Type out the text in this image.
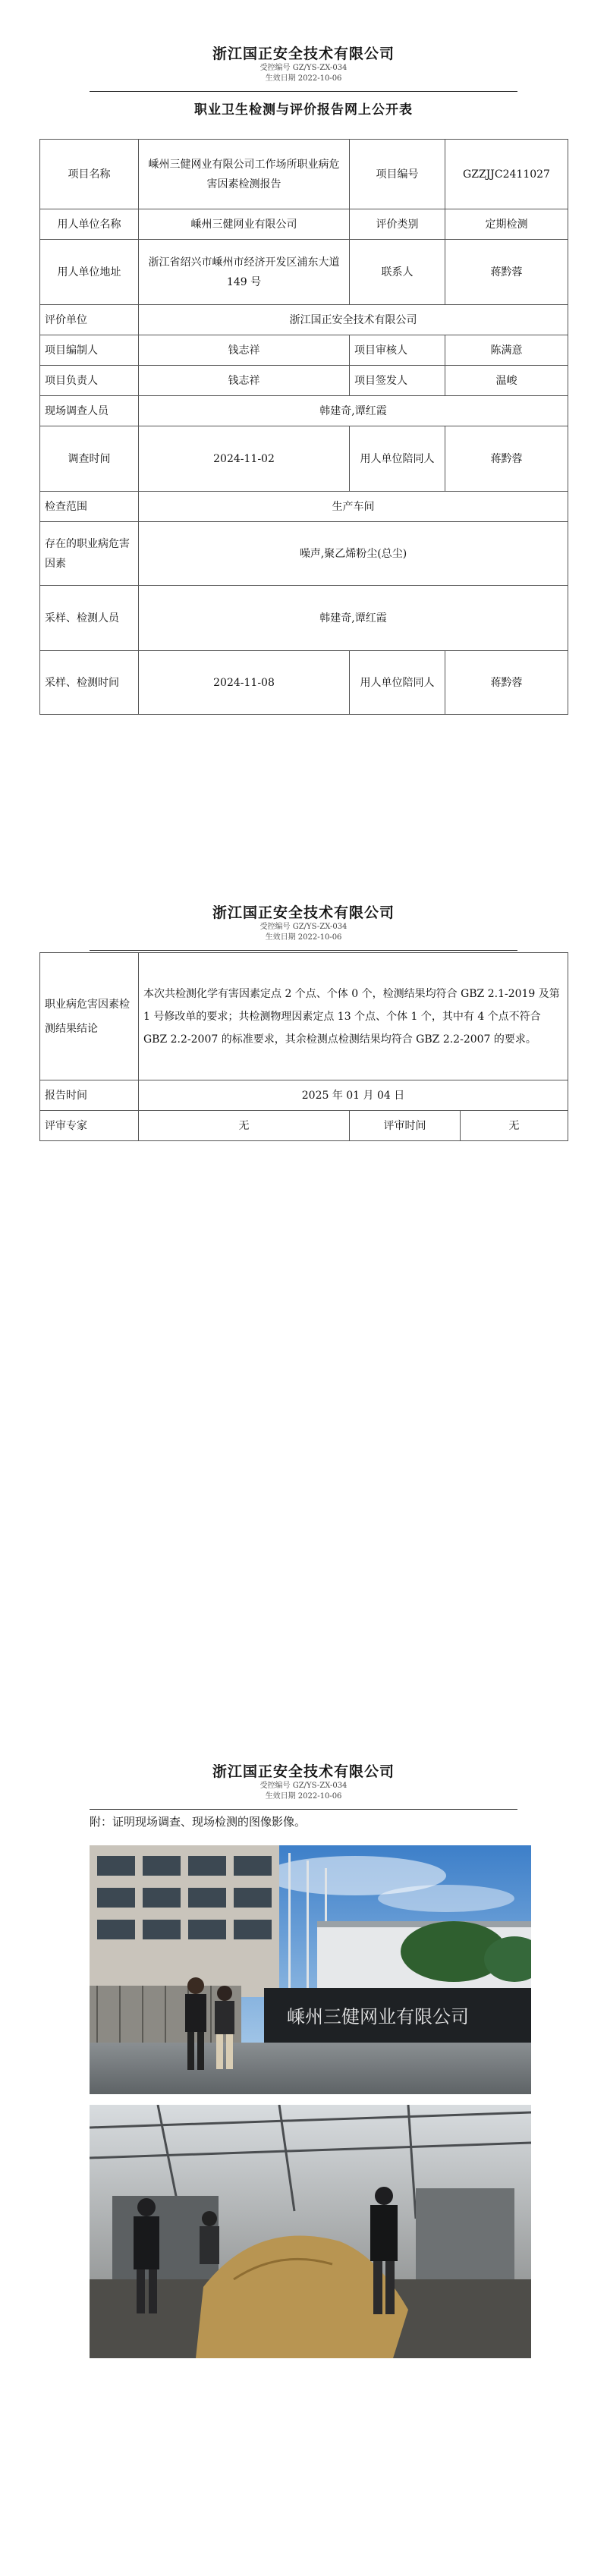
浙江国正安全技术有限公司
受控编号 GZ/YS-ZX-034
生效日期 2022-10-06
职业卫生检测与评价报告网上公开表
项目名称	嵊州三健网业有限公司工作场所职业病危害因素检测报告	项目编号	GZZJJC2411027
用人单位名称	嵊州三健网业有限公司	评价类别	定期检测
用人单位地址	浙江省绍兴市嵊州市经济开发区浦东大道 149 号	联系人	蒋黔蓉
评价单位	浙江国正安全技术有限公司		
项目编制人	钱志祥	项目审核人	陈满意
项目负责人	钱志祥	项目签发人	温峻
现场调查人员	韩建奇,谭红霞		
调查时间	2024-11-02	用人单位陪同人	蒋黔蓉
检查范围	生产车间		
存在的职业病危害因素	噪声,聚乙烯粉尘(总尘)		
采样、检测人员	韩建奇,谭红霞		
采样、检测时间	2024-11-08	用人单位陪同人	蒋黔蓉
浙江国正安全技术有限公司
受控编号 GZ/YS-ZX-034
生效日期 2022-10-06
职业病危害因素检测结果结论	本次共检测化学有害因素定点 2 个点、个体 0 个，检测结果均符合 GBZ 2.1-2019 及第 1 号修改单的要求；共检测物理因素定点 13 个点、个体 1 个，其中有 4 个点不符合 GBZ 2.2-2007 的标准要求，其余检测点检测结果均符合 GBZ 2.2-2007 的要求。		
报告时间	2025 年 01 月 04 日		
评审专家	无	评审时间	无
浙江国正安全技术有限公司
受控编号 GZ/YS-ZX-034
生效日期 2022-10-06
附：证明现场调查、现场检测的图像影像。
嵊州三健网业有限公司
